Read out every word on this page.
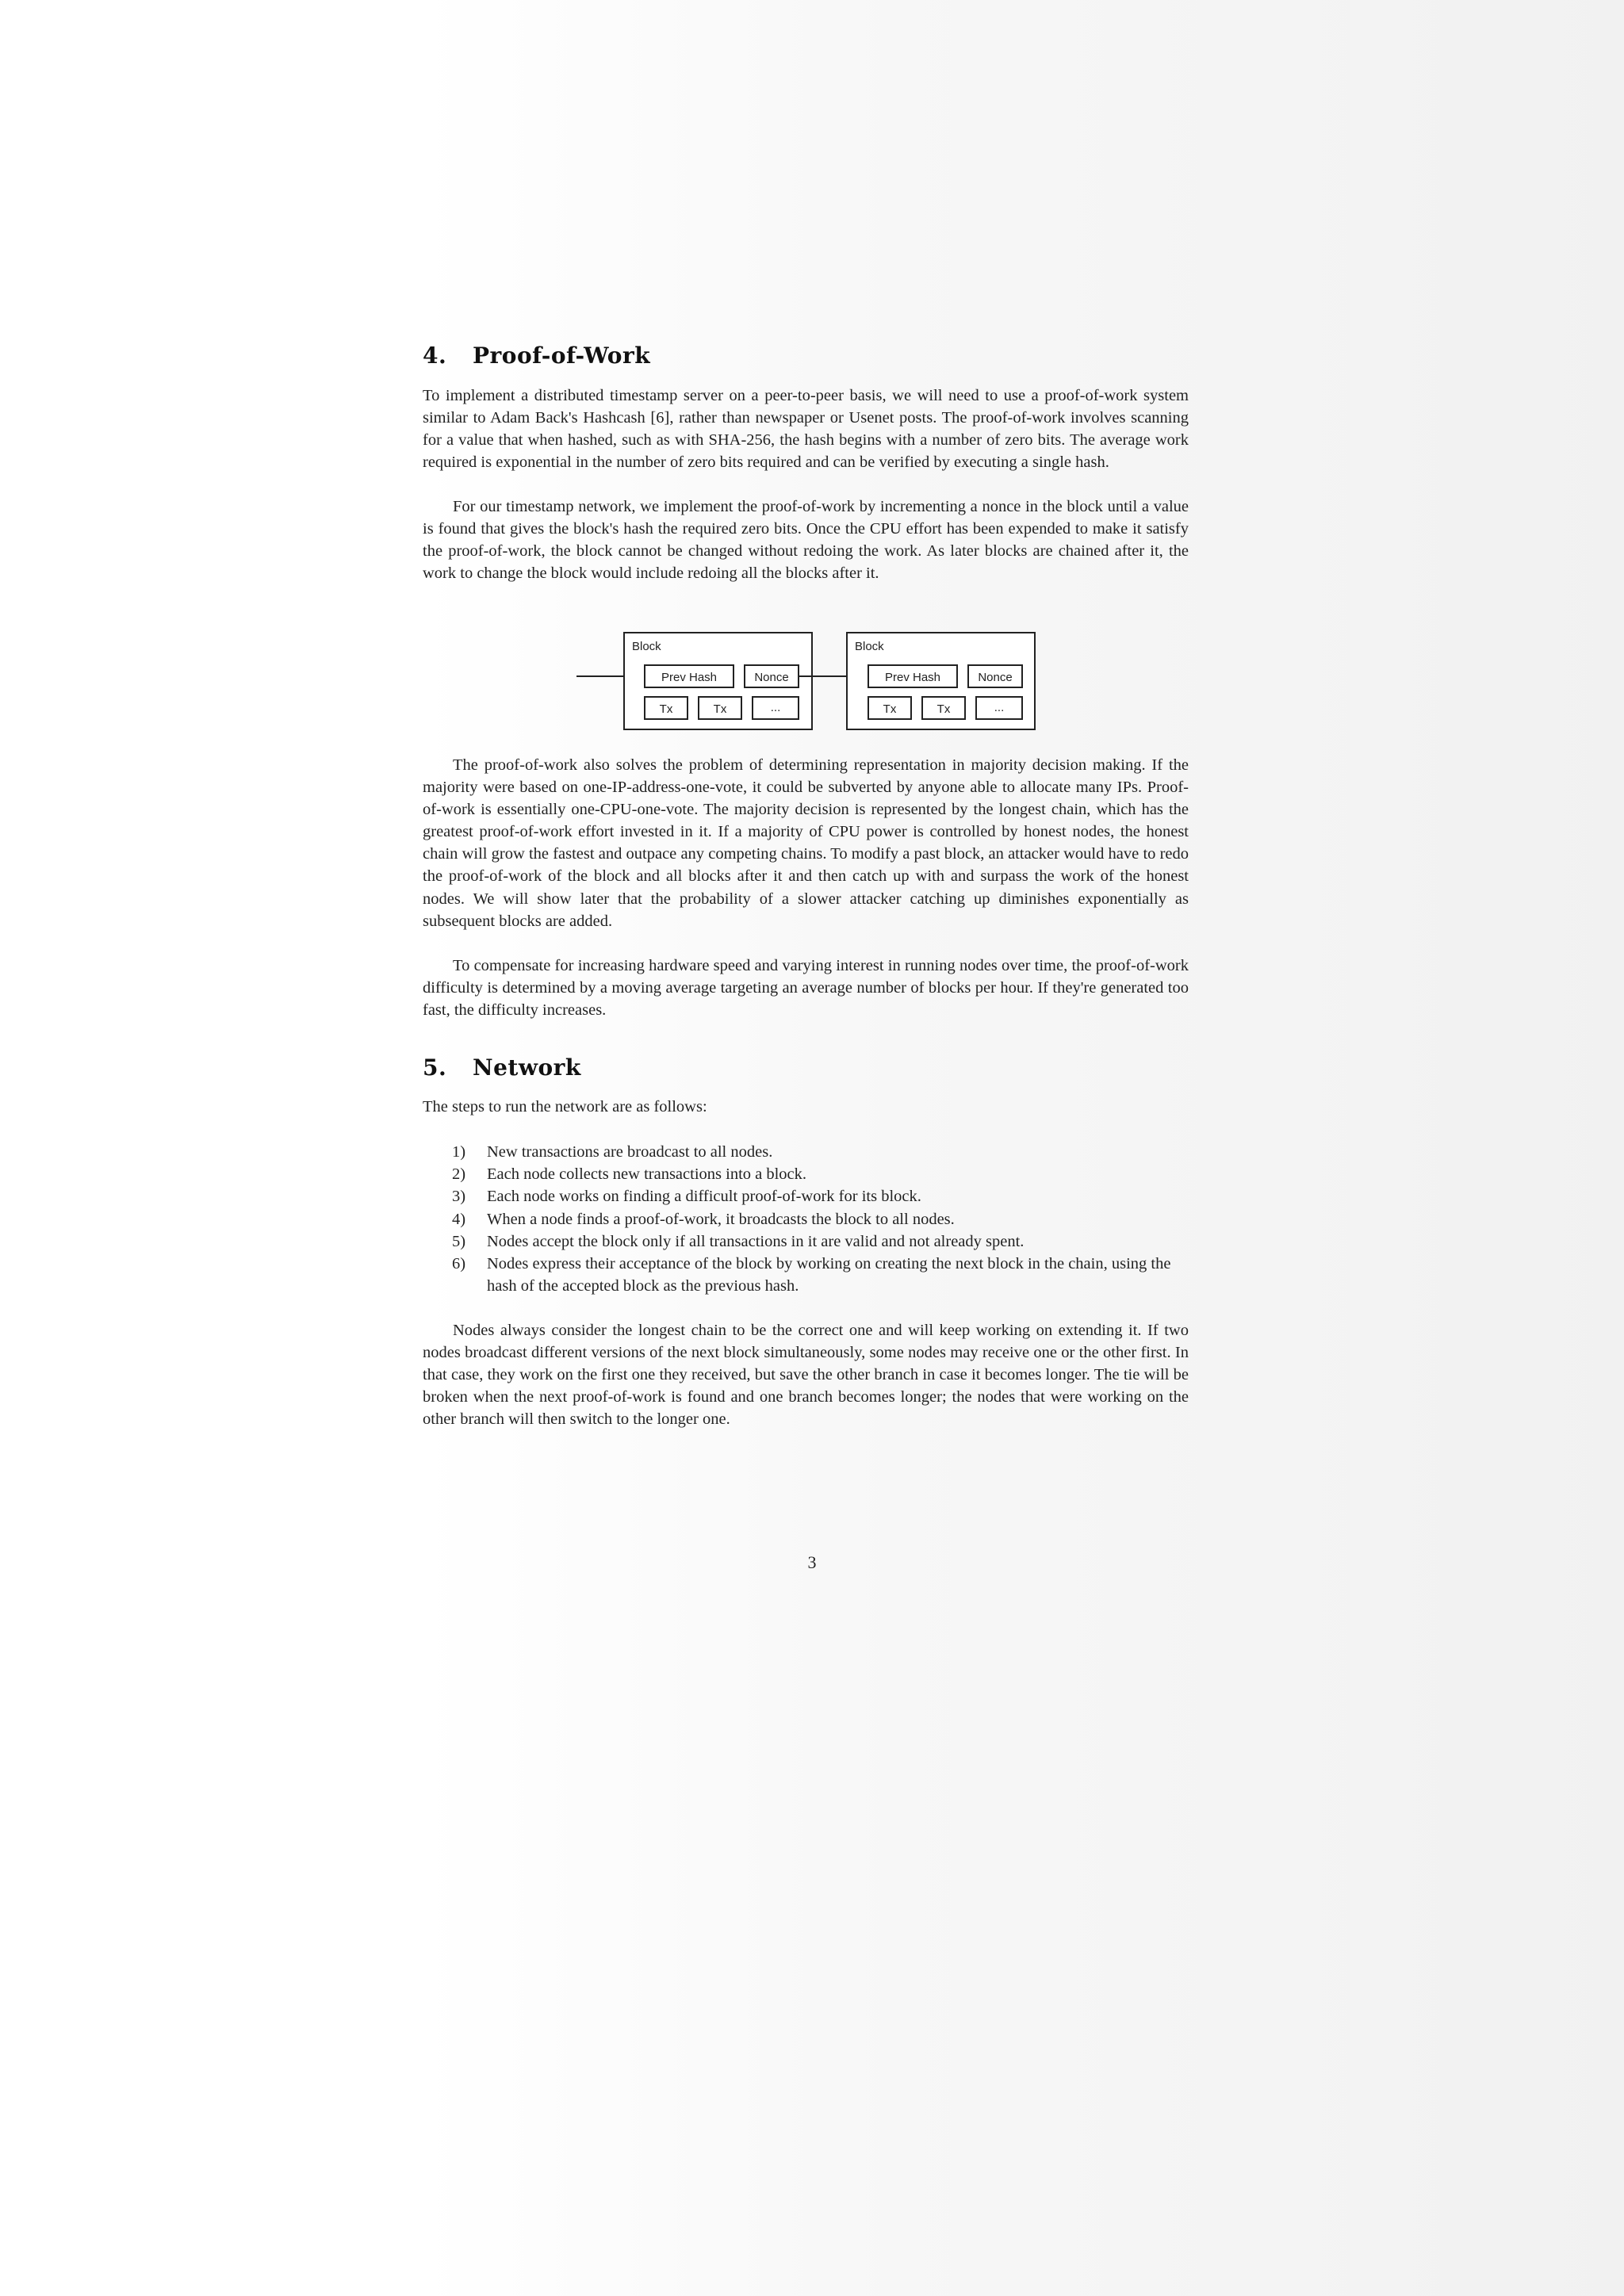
4. Proof-of-Work

To implement a distributed timestamp server on a peer-to-peer basis, we will need to use a proof-of-work system similar to Adam Back's Hashcash [6], rather than newspaper or Usenet posts. The proof-of-work involves scanning for a value that when hashed, such as with SHA-256, the hash begins with a number of zero bits. The average work required is exponential in the number of zero bits required and can be verified by executing a single hash.

For our timestamp network, we implement the proof-of-work by incrementing a nonce in the block until a value is found that gives the block's hash the required zero bits. Once the CPU effort has been expended to make it satisfy the proof-of-work, the block cannot be changed without redoing the work. As later blocks are chained after it, the work to change the block would include redoing all the blocks after it.

Block
Prev Hash	Nonce
Tx	Tx	...
Block
Prev Hash	Nonce
Tx	Tx	...

The proof-of-work also solves the problem of determining representation in majority decision making. If the majority were based on one-IP-address-one-vote, it could be subverted by anyone able to allocate many IPs. Proof-of-work is essentially one-CPU-one-vote. The majority decision is represented by the longest chain, which has the greatest proof-of-work effort invested in it. If a majority of CPU power is controlled by honest nodes, the honest chain will grow the fastest and outpace any competing chains. To modify a past block, an attacker would have to redo the proof-of-work of the block and all blocks after it and then catch up with and surpass the work of the honest nodes. We will show later that the probability of a slower attacker catching up diminishes exponentially as subsequent blocks are added.

To compensate for increasing hardware speed and varying interest in running nodes over time, the proof-of-work difficulty is determined by a moving average targeting an average number of blocks per hour. If they're generated too fast, the difficulty increases.

5. Network

The steps to run the network are as follows:

1) New transactions are broadcast to all nodes.
2) Each node collects new transactions into a block.
3) Each node works on finding a difficult proof-of-work for its block.
4) When a node finds a proof-of-work, it broadcasts the block to all nodes.
5) Nodes accept the block only if all transactions in it are valid and not already spent.
6) Nodes express their acceptance of the block by working on creating the next block in the chain, using the hash of the accepted block as the previous hash.

Nodes always consider the longest chain to be the correct one and will keep working on extending it. If two nodes broadcast different versions of the next block simultaneously, some nodes may receive one or the other first. In that case, they work on the first one they received, but save the other branch in case it becomes longer. The tie will be broken when the next proof-of-work is found and one branch becomes longer; the nodes that were working on the other branch will then switch to the longer one.

3
